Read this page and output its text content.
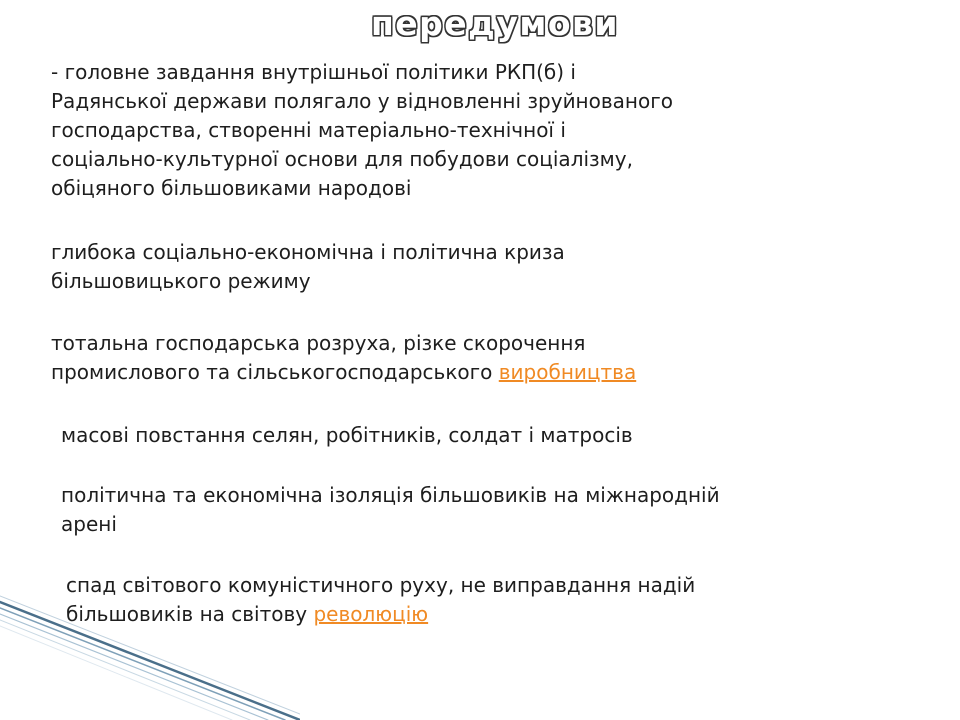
передумови
- головне завдання внутрішньої політики РКП(б) і
Радянської держави полягало у відновленні зруйнованого
господарства, створенні матеріально-технічної і
соціально-культурної основи для побудови соціалізму,
обіцяного більшовиками народові
глибока соціально-економічна і політична криза
більшовицького режиму
тотальна господарська розруха, різке скорочення
промислового та сільськогосподарського виробництва
масові повстання селян, робітників, солдат і матросів
політична та економічна ізоляція більшовиків на міжнародній
арені
спад світового комуністичного руху, не виправдання надій
більшовиків на світову революцію
